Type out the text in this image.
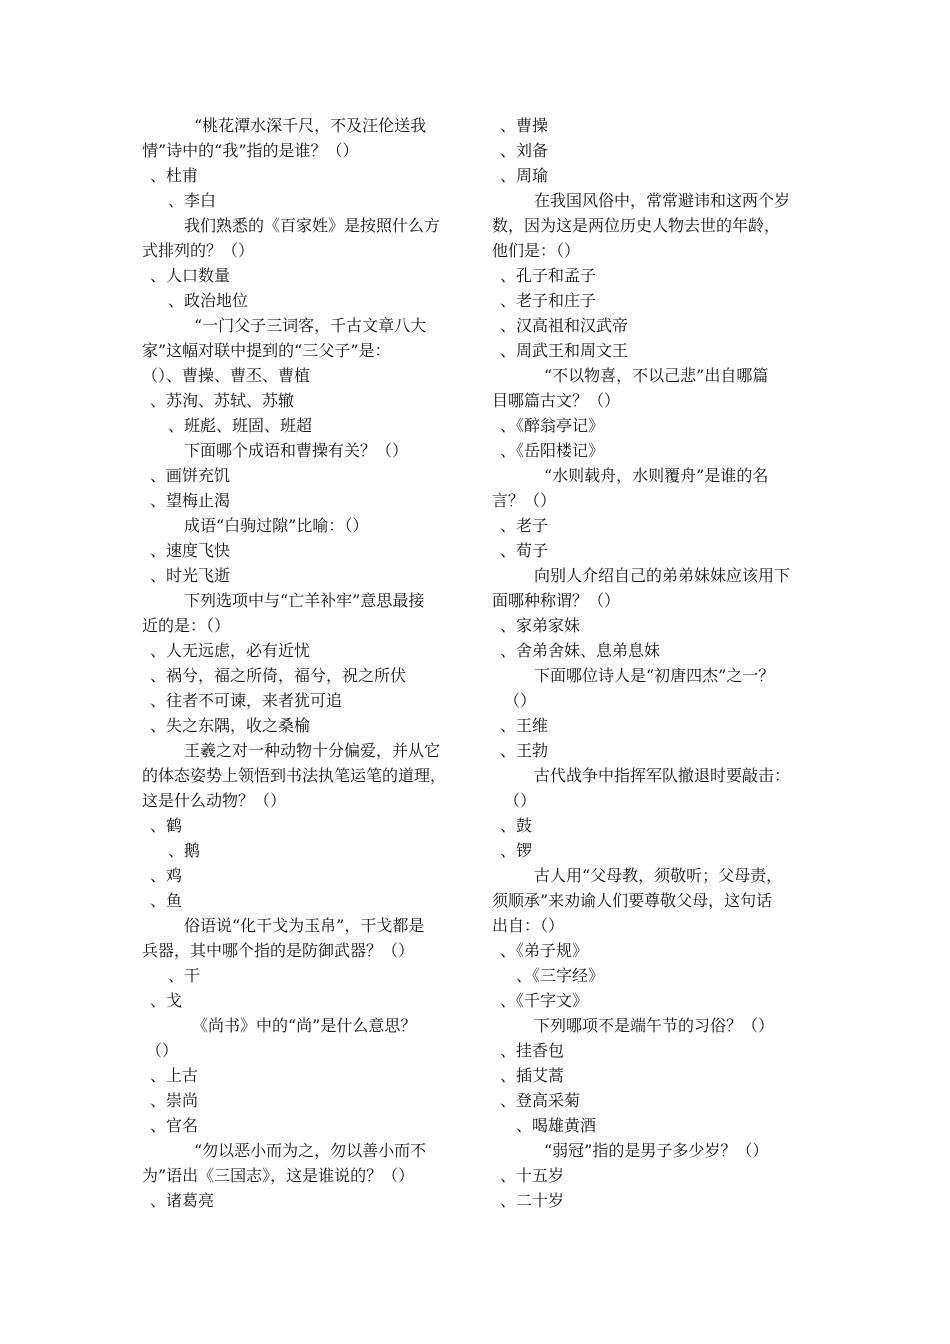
“桃花潭水深千尺，不及汪伦送我
情”诗中的“我”指的是谁？（）
、杜甫
、李白
我们熟悉的《百家姓》是按照什么方
式排列的？（）
、人口数量
、政治地位
“一门父子三词客，千古文章八大
家”这幅对联中提到的“三父子”是：
（）、曹操、曹丕、曹植
、苏洵、苏轼、苏辙
、班彪、班固、班超
下面哪个成语和曹操有关？（）
、画饼充饥
、望梅止渴
成语“白驹过隙”比喻：（）
、速度飞快
、时光飞逝
下列选项中与“亡羊补牢”意思最接
近的是：（）
、人无远虑，必有近忧
、祸兮，福之所倚，福兮，祝之所伏
、往者不可谏，来者犹可追
、失之东隅，收之桑榆
王羲之对一种动物十分偏爱，并从它
的体态姿势上领悟到书法执笔运笔的道理，
这是什么动物？（）
、鹤
、鹅
、鸡
、鱼
俗语说“化干戈为玉帛”，干戈都是
兵器，其中哪个指的是防御武器？（）
、干
、戈
《尚书》中的“尚”是什么意思？
（）
、上古
、崇尚
、官名
“勿以恶小而为之，勿以善小而不
为”语出《三国志》，这是谁说的？（）
、诸葛亮
、曹操
、刘备
、周瑜
在我国风俗中，常常避讳和这两个岁
数，因为这是两位历史人物去世的年龄，
他们是：（）
、孔子和孟子
、老子和庄子
、汉高祖和汉武帝
、周武王和周文王
“不以物喜，不以己悲”出自哪篇
目哪篇古文？（）
、《醉翁亭记》
、《岳阳楼记》
“水则载舟，水则覆舟”是谁的名
言？（）
、老子
、荀子
向别人介绍自己的弟弟妹妹应该用下
面哪种称谓？（）
、家弟家妹
、舍弟舍妹、息弟息妹
下面哪位诗人是“初唐四杰”之一？
（）
、王维
、王勃
古代战争中指挥军队撤退时要敲击：
（）
、鼓
、锣
古人用“父母教，须敬听；父母责，
须顺承”来劝谕人们要尊敬父母，这句话
出自：（）
、《弟子规》
、《三字经》
、《千字文》
下列哪项不是端午节的习俗？（）
、挂香包
、插艾蒿
、登高采菊
、喝雄黄酒
“弱冠”指的是男子多少岁？（）
、十五岁
、二十岁
